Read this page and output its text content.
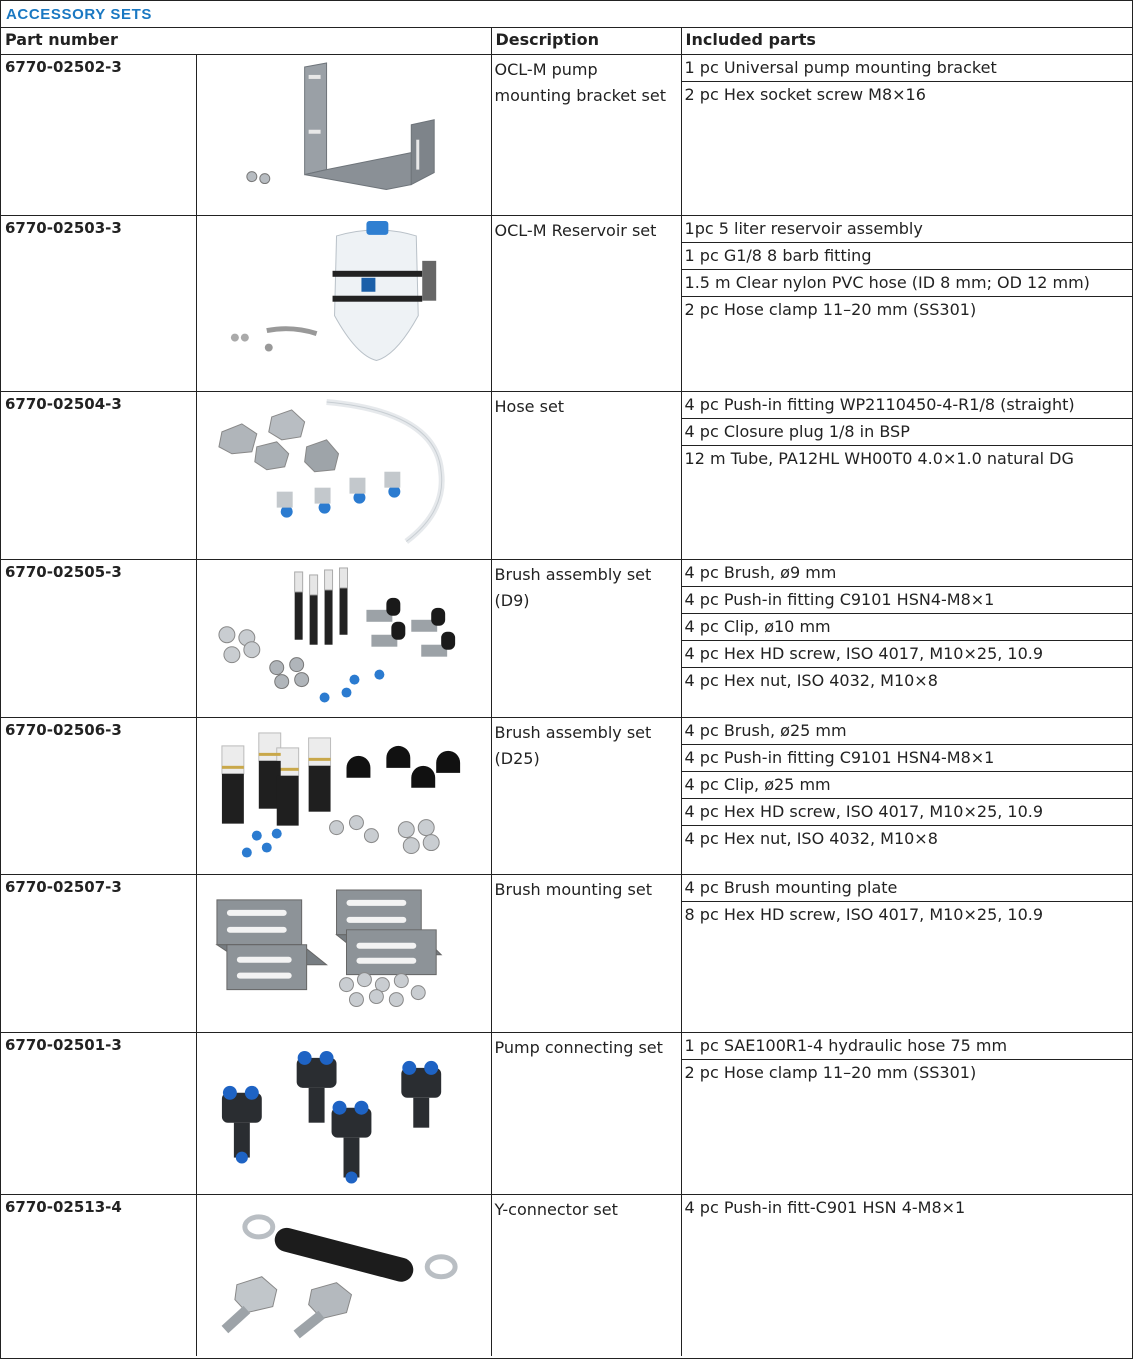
ACCESSORY SETS
Part number		Description	Included parts
6770-02502-3		OCL-M pump mounting bracket set	1 pc Universal pump mounting bracket
2 pc Hex socket screw M8×16

6770-02503-3		OCL-M Reservoir set	1pc 5 liter reservoir assembly
1 pc G1/8 8 barb fitting
1.5 m Clear nylon PVC hose (ID 8 mm; OD 12 mm)
2 pc Hose clamp 11–20 mm (SS301)

6770-02504-3		Hose set	4 pc Push-in fitting WP2110450-4-R1/8 (straight)
4 pc Closure plug 1/8 in BSP
12 m Tube, PA12HL WH00T0 4.0×1.0 natural DG

6770-02505-3		Brush assembly set (D9)	4 pc Brush, ø9 mm
4 pc Push-in fitting C9101 HSN4-M8×1
4 pc Clip, ø10 mm
4 pc Hex HD screw, ISO 4017, M10×25, 10.9
4 pc Hex nut, ISO 4032, M10×8

6770-02506-3		Brush assembly set (D25)	4 pc Brush, ø25 mm
4 pc Push-in fitting C9101 HSN4-M8×1
4 pc Clip, ø25 mm
4 pc Hex HD screw, ISO 4017, M10×25, 10.9
4 pc Hex nut, ISO 4032, M10×8

6770-02507-3		Brush mounting set	4 pc Brush mounting plate
8 pc Hex HD screw, ISO 4017, M10×25, 10.9

6770-02501-3		Pump connecting set	1 pc SAE100R1-4 hydraulic hose 75 mm
2 pc Hose clamp 11–20 mm (SS301)

6770-02513-4		Y-connector set	4 pc Push-in fitt-C901 HSN 4-M8×1
